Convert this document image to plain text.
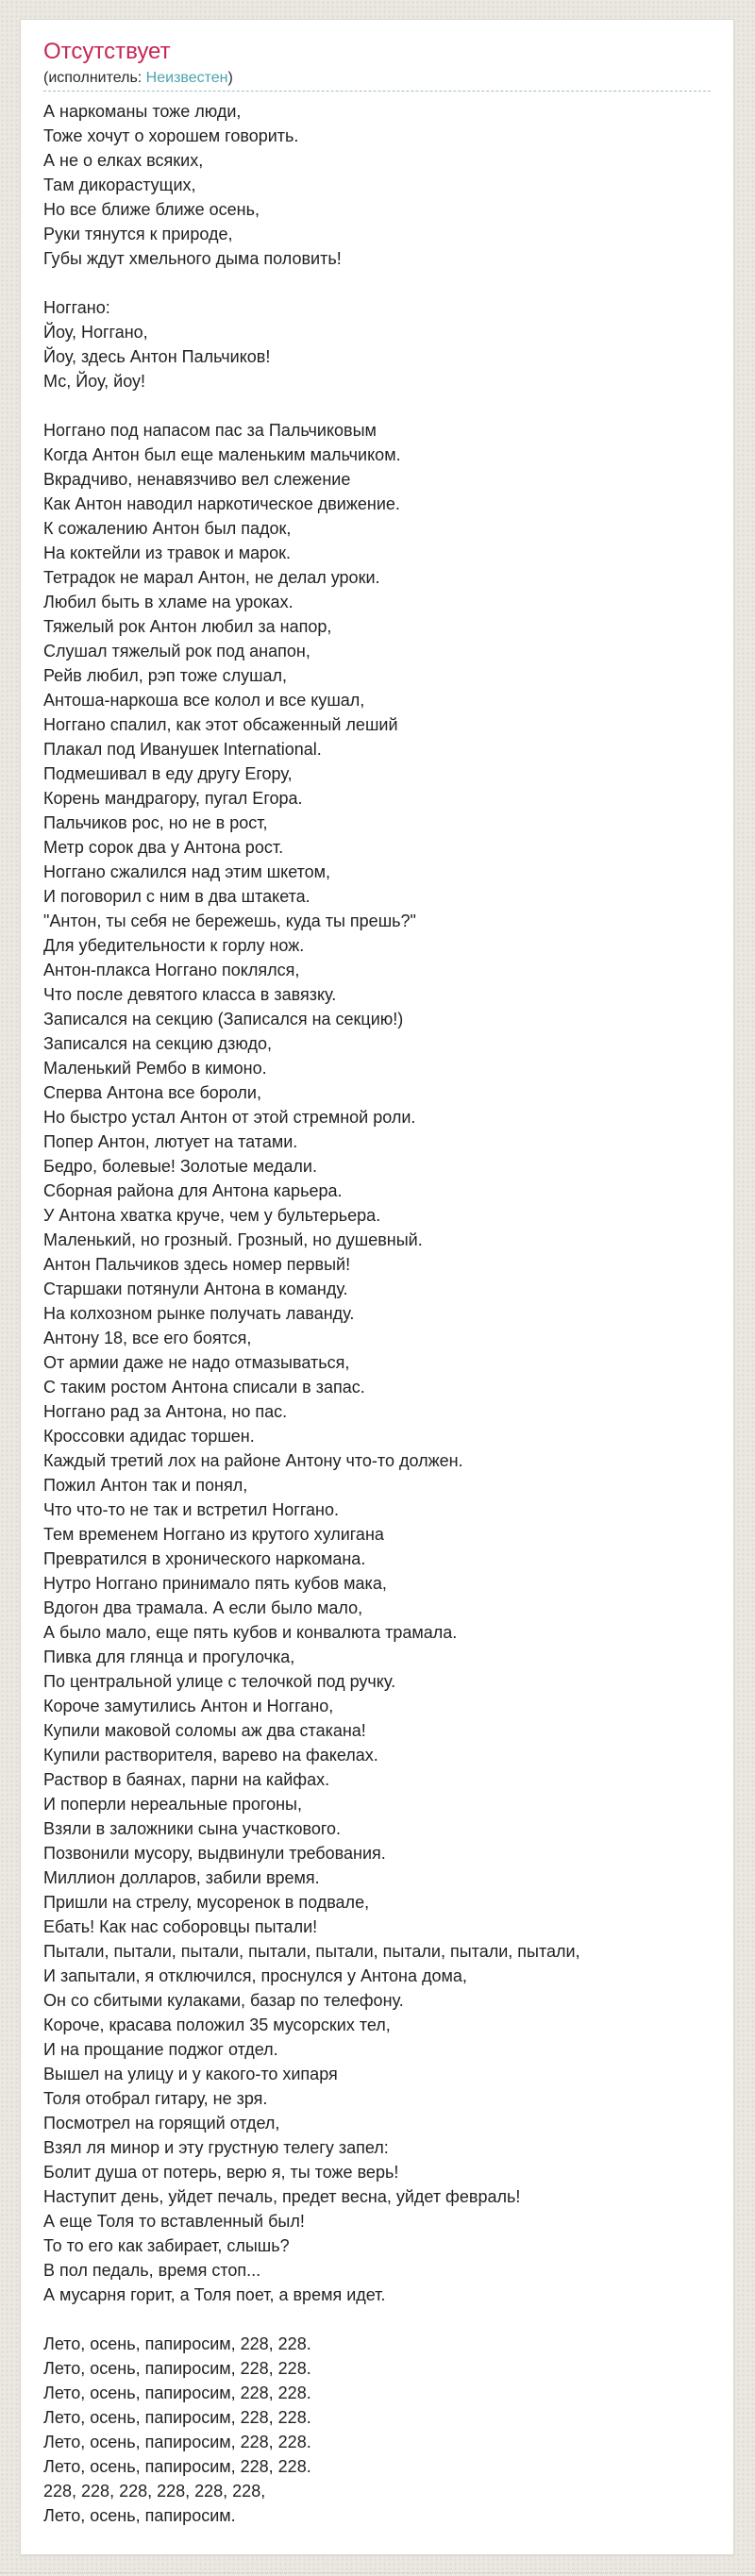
Отсутствует
(исполнитель: Неизвестен)
А наркоманы тоже люди,
Тоже хочут о хорошем говорить.
А не о елках всяких,
Там дикорастущих,
Но все ближе ближе осень,
Руки тянутся к природе,
Губы ждут хмельного дыма половить!
Ноггано:
Йоу, Ноггано,
Йоу, здесь Антон Пальчиков!
Мс, Йоу, йоу!
Ноггано под напасом пас за Пальчиковым
Когда Антон был еще маленьким мальчиком.
Вкрадчиво, ненавязчиво вел слежение
Как Антон наводил наркотическое движение.
К сожалению Антон был падок,
На коктейли из травок и марок.
Тетрадок не марал Антон, не делал уроки.
Любил быть в хламе на уроках.
Тяжелый рок Антон любил за напор,
Слушал тяжелый рок под анапон,
Рейв любил, рэп тоже слушал,
Антоша-наркоша все колол и все кушал,
Ноггано спалил, как этот обсаженный леший
Плакал под Иванушек International.
Подмешивал в еду другу Егору,
Корень мандрагору, пугал Егора.
Пальчиков рос, но не в рост,
Метр сорок два у Антона рост.
Ноггано сжалился над этим шкетом,
И поговорил с ним в два штакета.
"Антон, ты себя не бережешь, куда ты прешь?"
Для убедительности к горлу нож.
Антон-плакса Ноггано поклялся,
Что после девятого класса в завязку.
Записался на секцию (Записался на секцию!)
Записался на секцию дзюдо,
Маленький Рембо в кимоно.
Сперва Антона все бороли,
Но быстро устал Антон от этой стремной роли.
Попер Антон, лютует на татами.
Бедро, болевые! Золотые медали.
Сборная района для Антона карьера.
У Антона хватка круче, чем у бультерьера.
Маленький, но грозный. Грозный, но душевный.
Антон Пальчиков здесь номер первый!
Старшаки потянули Антона в команду.
На колхозном рынке получать лаванду.
Антону 18, все его боятся,
От армии даже не надо отмазываться,
С таким ростом Антона списали в запас.
Ноггано рад за Антона, но пас.
Кроссовки адидас торшен.
Каждый третий лох на районе Антону что-то должен.
Пожил Антон так и понял,
Что что-то не так и встретил Ноггано.
Тем временем Ноггано из крутого хулигана
Превратился в хронического наркомана.
Нутро Ноггано принимало пять кубов мака,
Вдогон два трамала. А если было мало,
А было мало, еще пять кубов и конвалюта трамала.
Пивка для глянца и прогулочка,
По центральной улице с телочкой под ручку.
Короче замутились Антон и Ноггано,
Купили маковой соломы аж два стакана!
Купили растворителя, варево на факелах.
Раствор в баянах, парни на кайфах.
И поперли нереальные прогоны,
Взяли в заложники сына участкового.
Позвонили мусору, выдвинули требования.
Миллион долларов, забили время.
Пришли на стрелу, мусоренок в подвале,
Ебать! Как нас соборовцы пытали!
Пытали, пытали, пытали, пытали, пытали, пытали, пытали, пытали,
И запытали, я отключился, проснулся у Антона дома,
Он со сбитыми кулаками, базар по телефону.
Короче, красава положил 35 мусорских тел,
И на прощание поджог отдел.
Вышел на улицу и у какого-то хипаря
Толя отобрал гитару, не зря.
Посмотрел на горящий отдел,
Взял ля минор и эту грустную телегу запел:
Болит душа от потерь, верю я, ты тоже верь!
Наступит день, уйдет печаль, предет весна, уйдет февраль!
А еще Толя то вставленный был!
То то его как забирает, слышь?
В пол педаль, время стоп...
А мусарня горит, а Толя поет, а время идет.
Лето, осень, папиросим, 228, 228.
Лето, осень, папиросим, 228, 228.
Лето, осень, папиросим, 228, 228.
Лето, осень, папиросим, 228, 228.
Лето, осень, папиросим, 228, 228.
Лето, осень, папиросим, 228, 228.
228, 228, 228, 228, 228, 228,
Лето, осень, папиросим.
